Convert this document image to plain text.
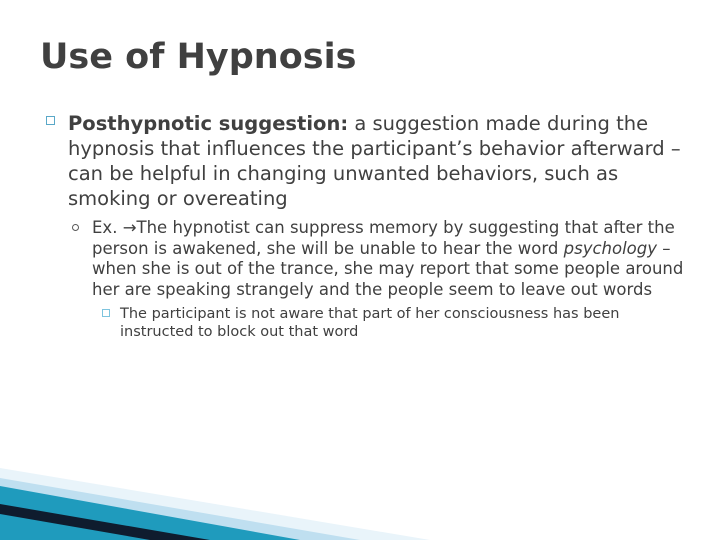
Use of Hypnosis
Posthypnotic suggestion: a suggestion made during the hypnosis that influences the participant’s behavior afterward – can be helpful in changing unwanted behaviors, such as smoking or overeating
Ex. →The hypnotist can suppress memory by suggesting that after the person is awakened, she will be unable to hear the word psychology – when she is out of the trance, she may report that some people around her are speaking strangely and the people seem to leave out words
The participant is not aware that part of her consciousness has been instructed to block out that word
